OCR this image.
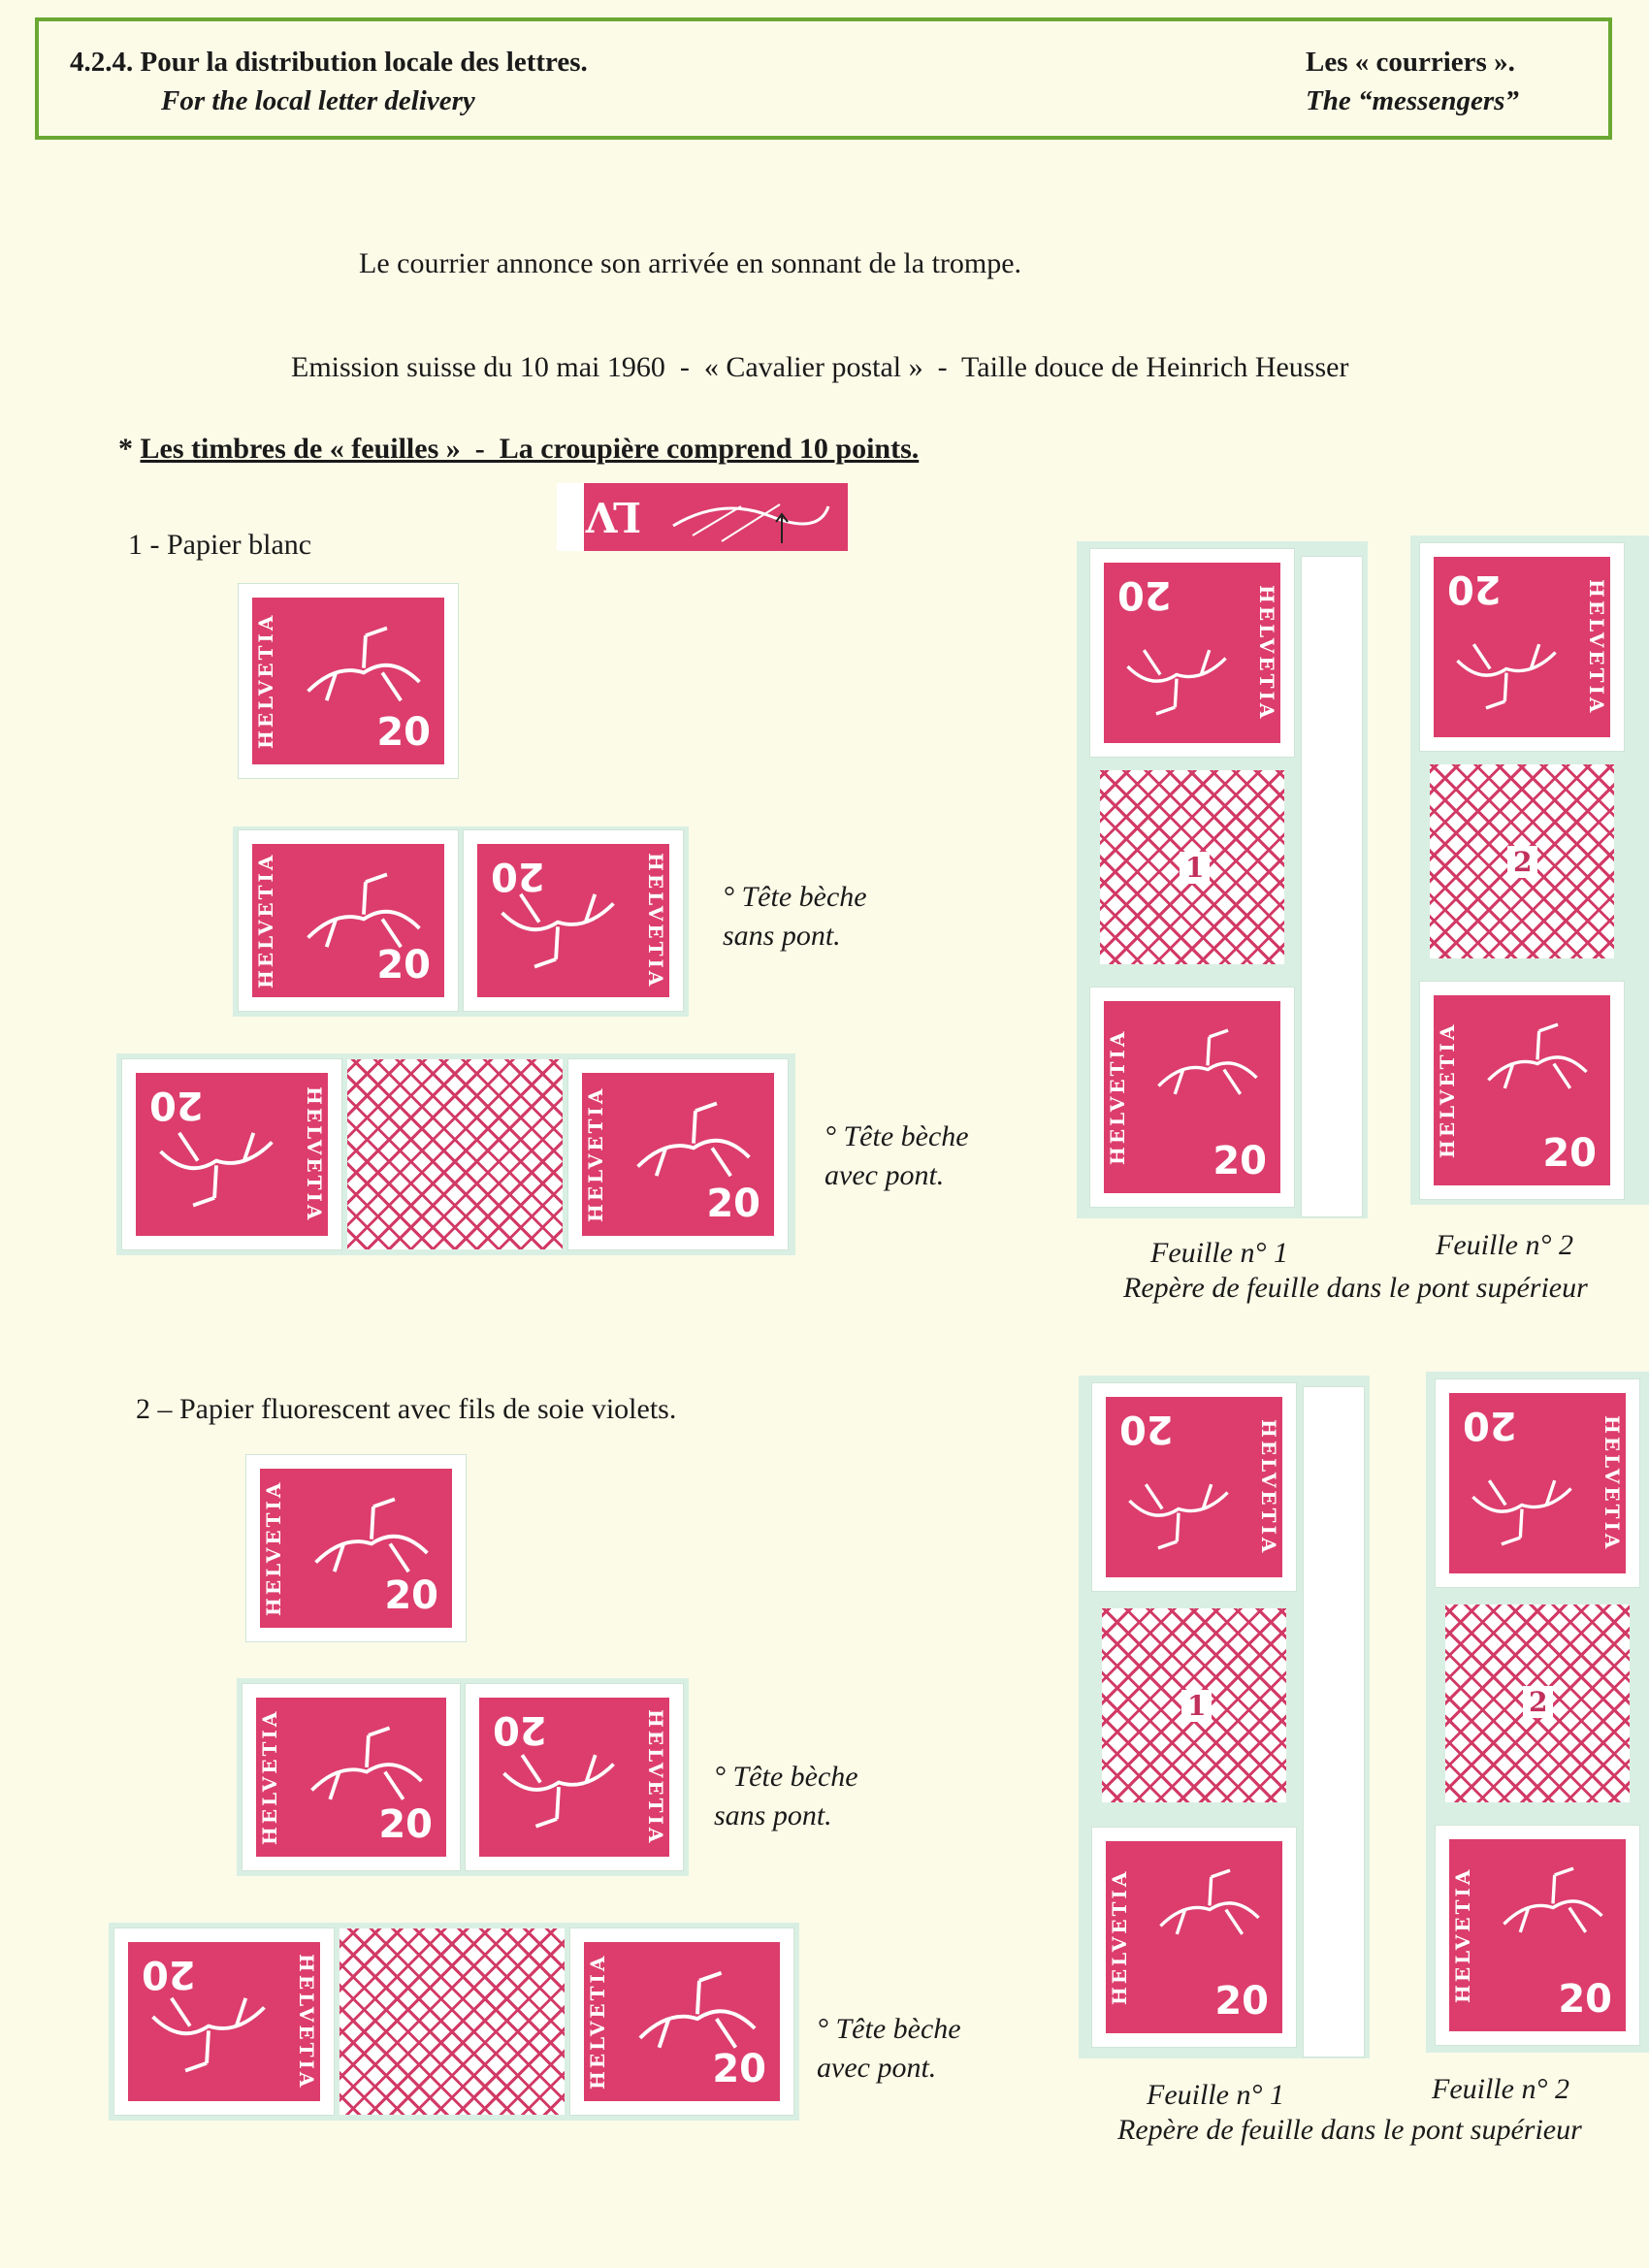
4.2.4. Pour la distribution locale des lettres.
For the local letter delivery
Les « courriers ».
The “messengers”
Le courrier annonce son arrivée en sonnant de la trompe.
Emission suisse du 10 mai 1960  -  « Cavalier postal »  -  Taille douce de Heinrich Heusser
* Les timbres de « feuilles »  -  La croupière comprend 10 points.
LV
1 - Papier blanc
HELVETIA	20
HELVETIA	20	HELVETIA
20	° Tête bèche
sans pont.
HELVETIA
20	HELVETIA	20
° Tête bèche
avec pont.
HELVETIA
20
1
HELVETIA	20
HELVETIA
20
2
HELVETIA	20
Feuille n° 1	Feuille n° 2
Repère de feuille dans le pont supérieur
2 – Papier fluorescent avec fils de soie violets.
HELVETIA	20
HELVETIA	20	HELVETIA
20
° Tête bèche
sans pont.
HELVETIA
20	HELVETIA	20
° Tête bèche
avec pont.
HELVETIA
20
1
HELVETIA	20
HELVETIA
20
2
HELVETIA	20
Feuille n° 1	Feuille n° 2
Repère de feuille dans le pont supérieur
